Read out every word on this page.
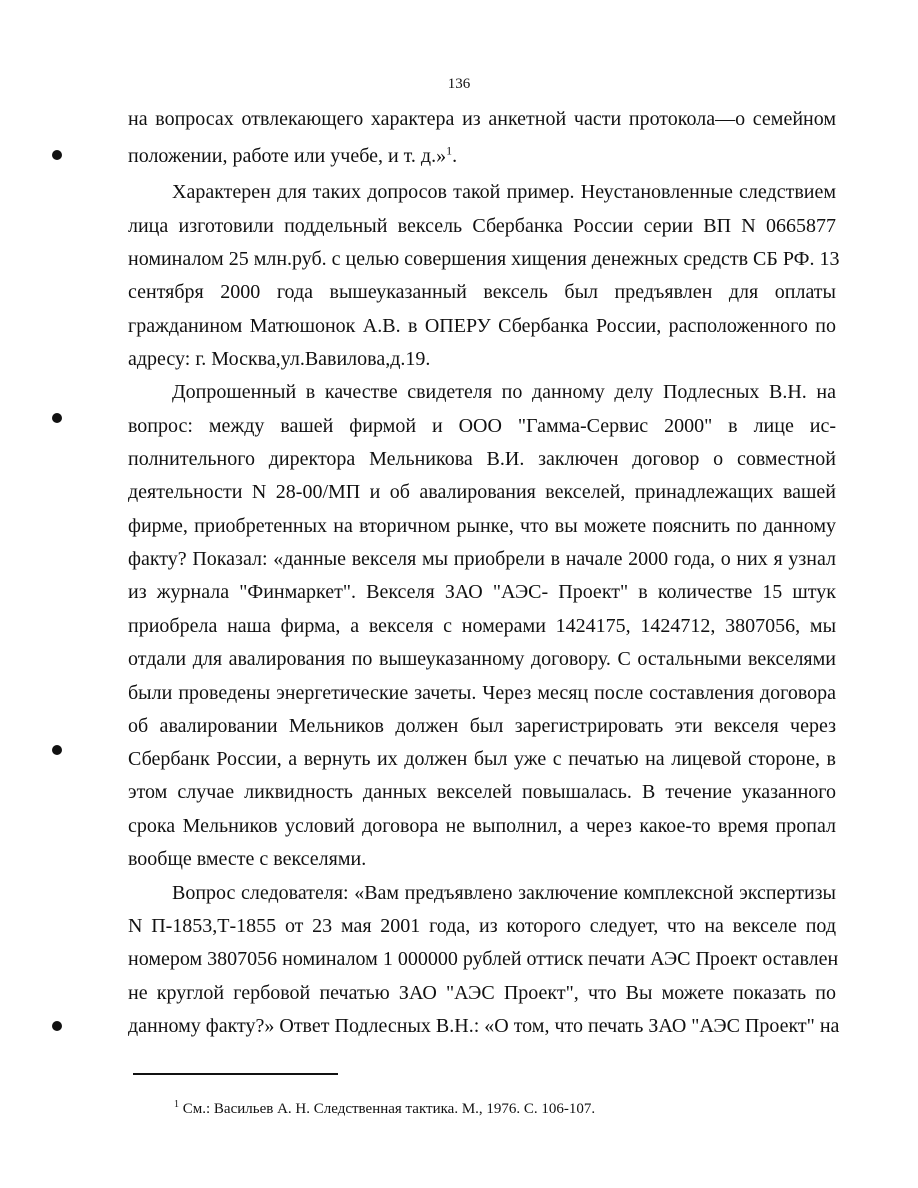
136
на вопросах отвлекающего характера из анкетной части протокола—о семейном
положении, работе или учебе, и т. д.»$^1$.
Характерен для таких допросов такой пример. Неустановленные следствием
лица изготовили поддельный вексель Сбербанка России серии ВП N 0665877
номиналом 25 млн.руб. с целью совершения хищения денежных средств СБ РФ. 13
сентября 2000 года вышеуказанный вексель был предъявлен для оплаты
гражданином Матюшонок А.В. в ОПЕРУ Сбербанка России, расположенного по
адресу: г. Москва,ул.Вавилова,д.19.
Допрошенный в качестве свидетеля по данному делу Подлесных В.Н. на
вопрос: между вашей фирмой и ООО "Гамма-Сервис 2000" в лице ис-
полнительного директора Мельникова В.И. заключен договор о совместной
деятельности N 28-00/МП и об авалирования векселей, принадлежащих вашей
фирме, приобретенных на вторичном рынке, что вы можете пояснить по данному
факту? Показал: «данные векселя мы приобрели в начале 2000 года, о них я узнал
из журнала "Финмаркет". Векселя ЗАО "АЭС- Проект" в количестве 15 штук
приобрела наша фирма, а векселя с номерами 1424175, 1424712, 3807056, мы
отдали для авалирования по вышеуказанному договору. С остальными векселями
были проведены энергетические зачеты. Через месяц после составления договора
об авалировании Мельников должен был зарегистрировать эти векселя через
Сбербанк России, а вернуть их должен был уже с печатью на лицевой стороне, в
этом случае ликвидность данных векселей повышалась. В течение указанного
срока Мельников условий договора не выполнил, а через какое-то время пропал
вообще вместе с векселями.
Вопрос следователя: «Вам предъявлено заключение комплексной экспертизы
N П-1853,Т-1855 от 23 мая 2001 года, из которого следует, что на векселе под
номером 3807056 номиналом 1 000000 рублей оттиск печати АЭС Проект оставлен
не круглой гербовой печатью ЗАО "АЭС Проект", что Вы можете показать по
данному факту?» Ответ Подлесных В.Н.: «О том, что печать ЗАО "АЭС Проект" на
$^1$ См.: Васильев А. Н. Следственная тактика. М., 1976. С. 106-107.
